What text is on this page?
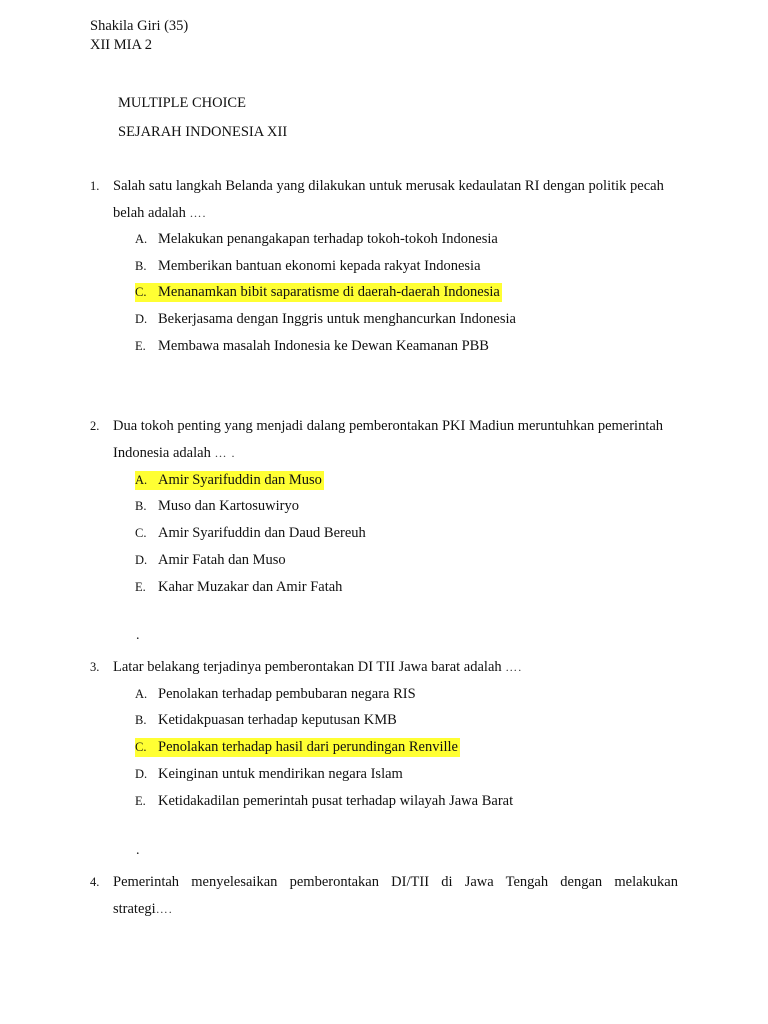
Shakila Giri (35)
XII MIA 2
MULTIPLE CHOICE
SEJARAH INDONESIA XII
1. Salah satu langkah Belanda yang dilakukan untuk merusak kedaulatan RI dengan politik pecah
belah adalah ….
A. Melakukan penangakapan terhadap tokoh-tokoh Indonesia
B. Memberikan bantuan ekonomi kepada rakyat Indonesia
C. Menanamkan bibit saparatisme di daerah-daerah Indonesia
D. Bekerjasama dengan Inggris untuk menghancurkan Indonesia
E. Membawa masalah Indonesia ke Dewan Keamanan PBB
2. Dua tokoh penting yang menjadi dalang pemberontakan PKI Madiun meruntuhkan pemerintah
Indonesia adalah … .
A. Amir Syarifuddin dan Muso
B. Muso dan Kartosuwiryo
C. Amir Syarifuddin dan Daud Bereuh
D. Amir Fatah dan Muso
E. Kahar Muzakar dan Amir Fatah
.
3. Latar belakang terjadinya pemberontakan DI TII Jawa barat adalah ….
A. Penolakan terhadap pembubaran negara RIS
B. Ketidakpuasan terhadap keputusan KMB
C. Penolakan terhadap hasil dari perundingan Renville
D. Keinginan untuk mendirikan negara Islam
E. Ketidakadilan pemerintah pusat terhadap wilayah Jawa Barat
.
4. Pemerintah menyelesaikan pemberontakan DI/TII di Jawa Tengah dengan melakukan
strategi….
